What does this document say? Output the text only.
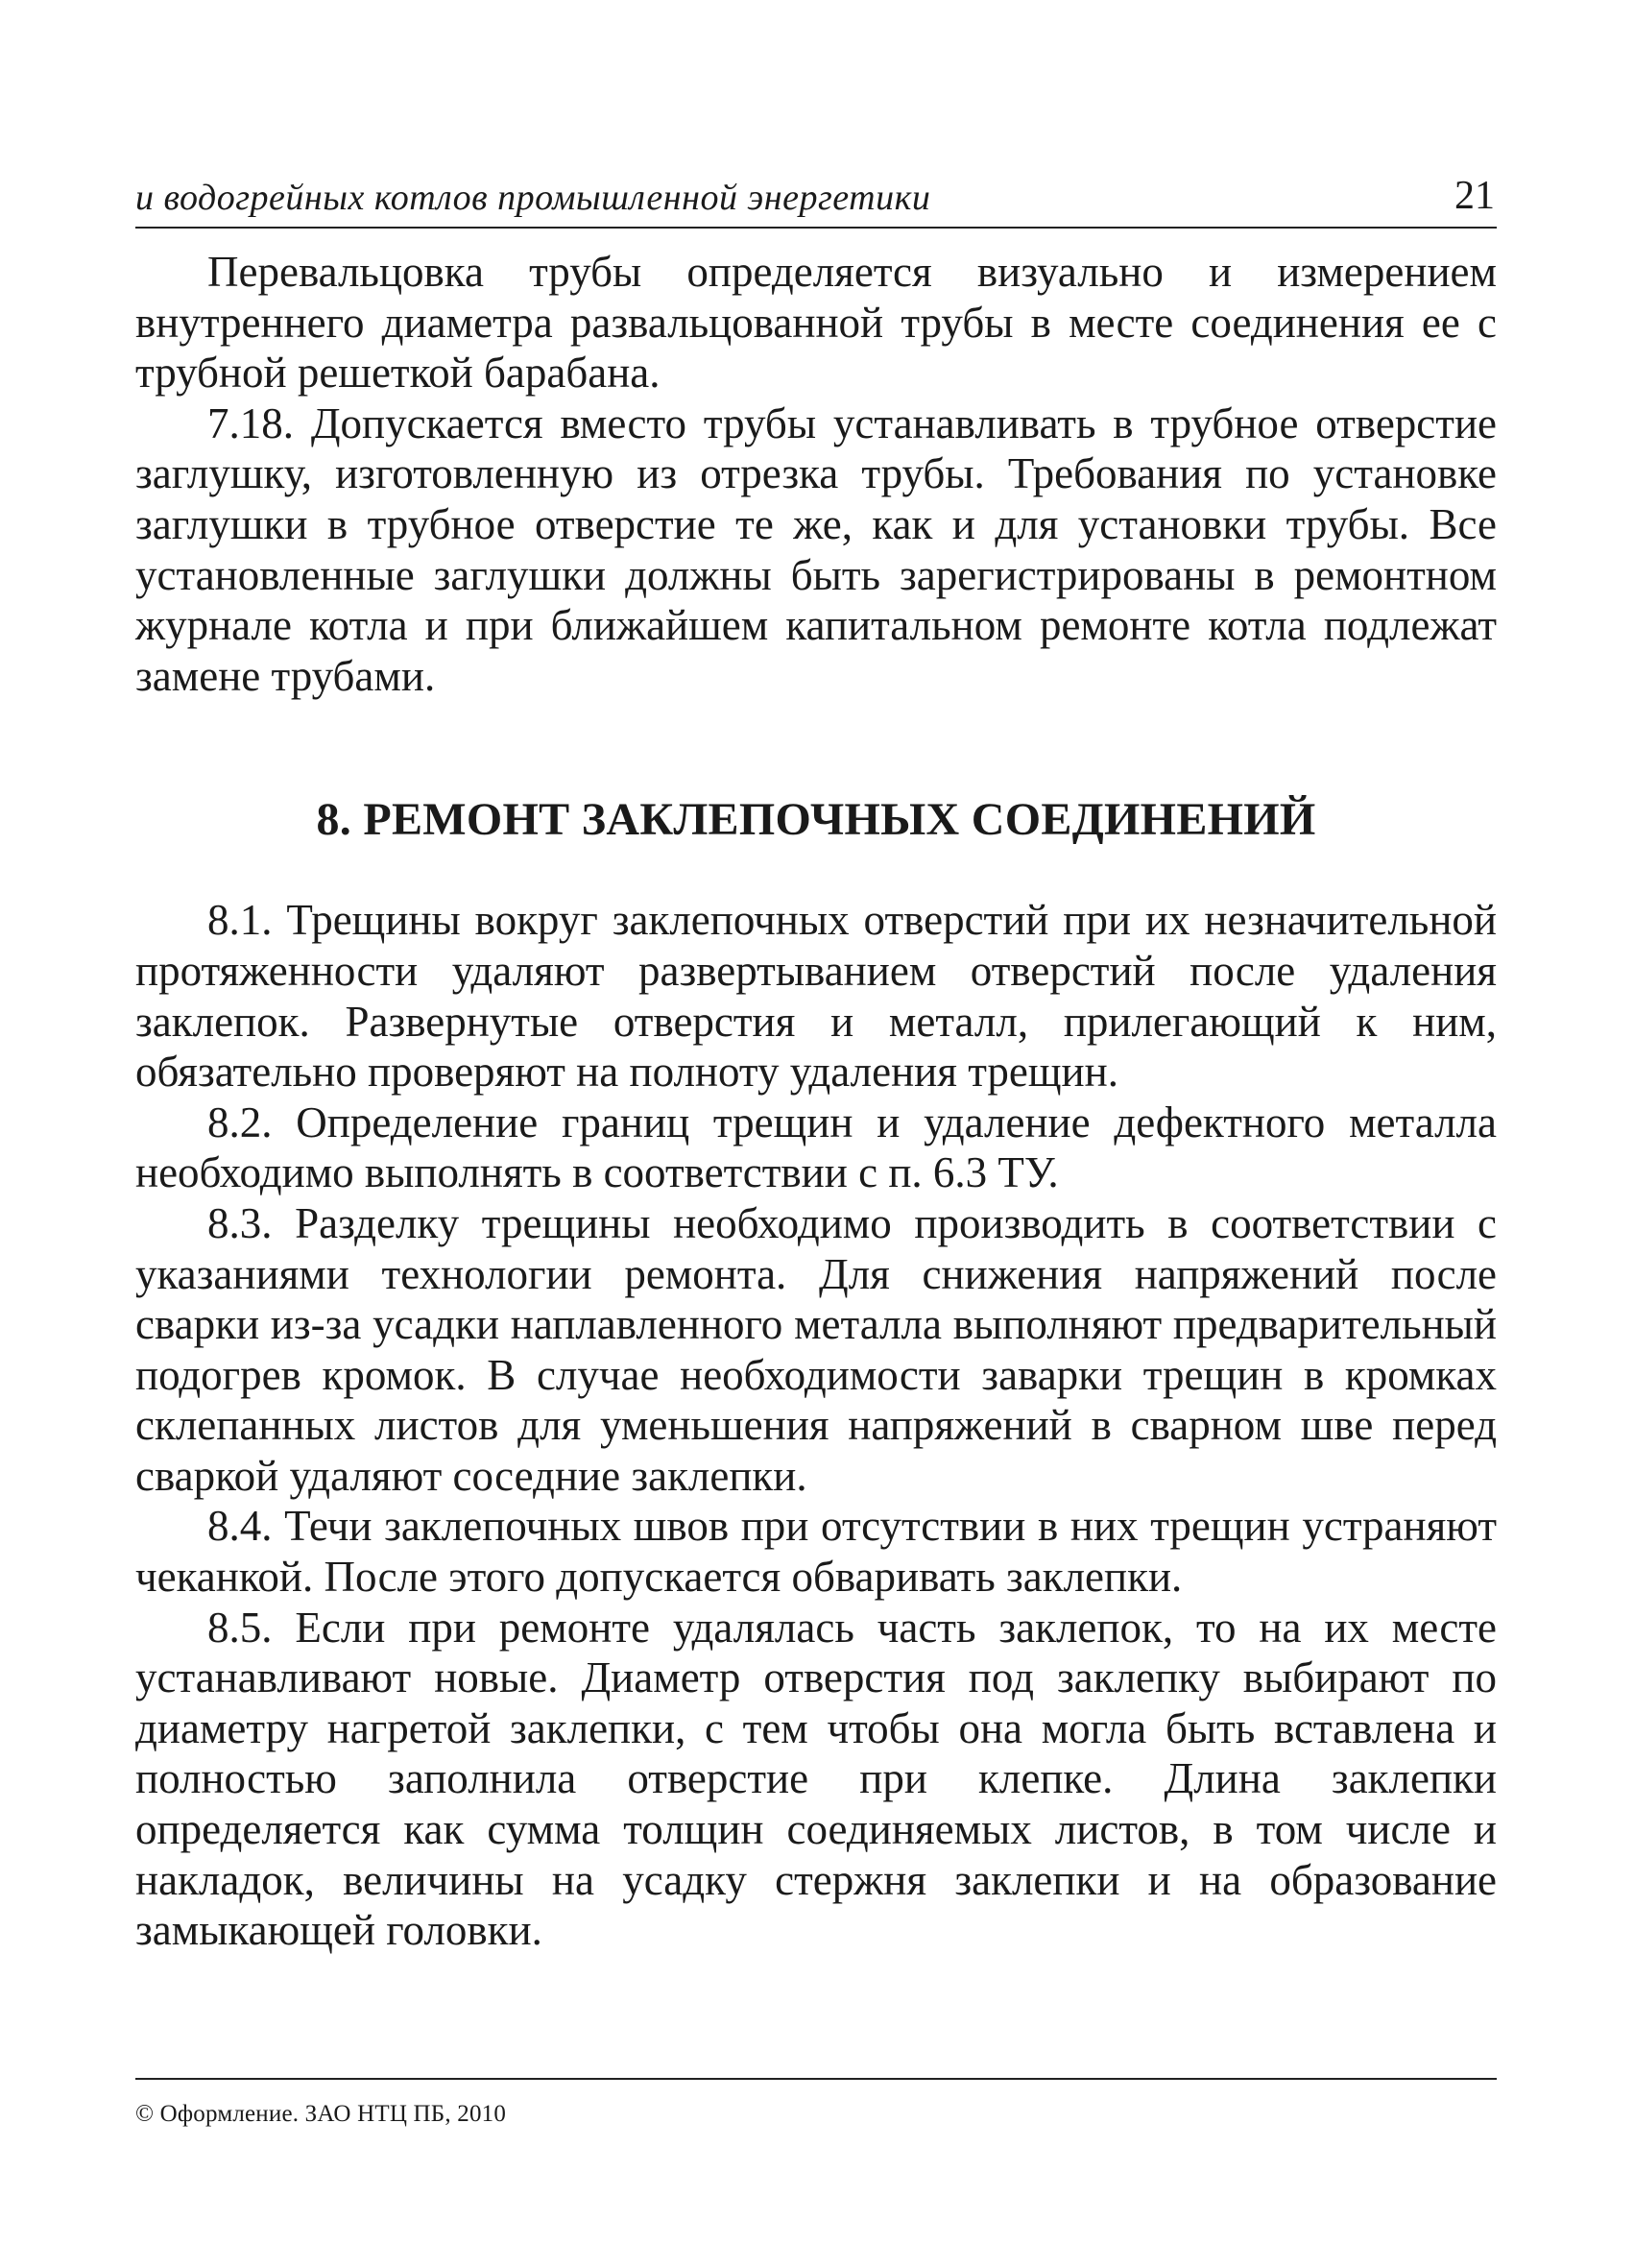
и водогрейных котлов промышленной энергетики	21

Перевальцовка трубы определяется визуально и измерением внутреннего диаметра развальцованной трубы в месте соединения ее с трубной решеткой барабана.

7.18. Допускается вместо трубы устанавливать в трубное отверстие заглушку, изготовленную из отрезка трубы. Требования по установке заглушки в трубное отверстие те же, как и для установки трубы. Все установленные заглушки должны быть зарегистрированы в ремонтном журнале котла и при ближайшем капитальном ремонте котла подлежат замене трубами.

8. РЕМОНТ ЗАКЛЕПОЧНЫХ СОЕДИНЕНИЙ

8.1. Трещины вокруг заклепочных отверстий при их незначительной протяженности удаляют развертыванием отверстий после удаления заклепок. Развернутые отверстия и металл, прилегающий к ним, обязательно проверяют на полноту удаления трещин.

8.2. Определение границ трещин и удаление дефектного металла необходимо выполнять в соответствии с п. 6.3 ТУ.

8.3. Разделку трещины необходимо производить в соответствии с указаниями технологии ремонта. Для снижения напряжений после сварки из-за усадки наплавленного металла выполняют предварительный подогрев кромок. В случае необходимости заварки трещин в кромках склепанных листов для уменьшения напряжений в сварном шве перед сваркой удаляют соседние заклепки.

8.4. Течи заклепочных швов при отсутствии в них трещин устраняют чеканкой. После этого допускается обваривать заклепки.

8.5. Если при ремонте удалялась часть заклепок, то на их месте устанавливают новые. Диаметр отверстия под заклепку выбирают по диаметру нагретой заклепки, с тем чтобы она могла быть вставлена и полностью заполнила отверстие при клепке. Длина заклепки определяется как сумма толщин соединяемых листов, в том числе и накладок, величины на усадку стержня заклепки и на образование замыкающей головки.

© Оформлениe. ЗАО НТЦ ПБ, 2010
